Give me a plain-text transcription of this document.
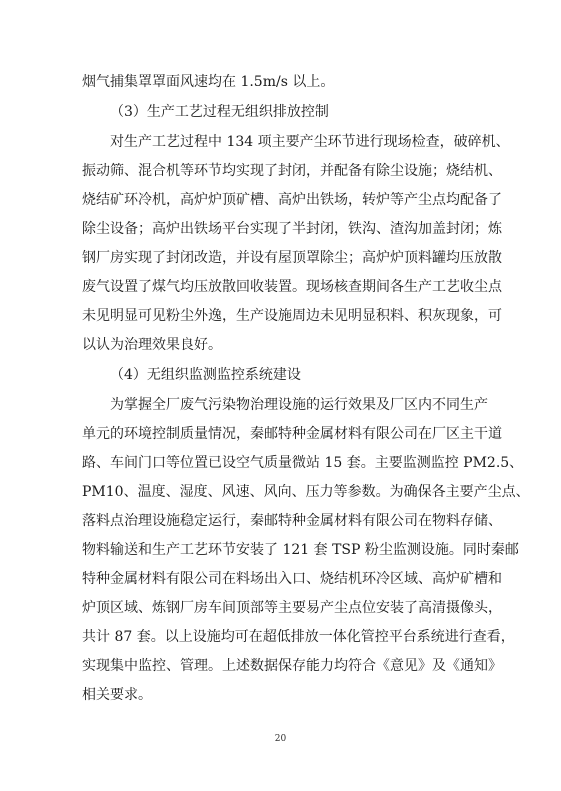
烟气捕集罩罩面风速均在 1.5m/s 以上。
（3）生产工艺过程无组织排放控制
对生产工艺过程中 134 项主要产尘环节进行现场检查，破碎机、
振动筛、混合机等环节均实现了封闭，并配备有除尘设施；烧结机、
烧结矿环冷机，高炉炉顶矿槽、高炉出铁场，转炉等产尘点均配备了
除尘设备；高炉出铁场平台实现了半封闭，铁沟、渣沟加盖封闭；炼
钢厂房实现了封闭改造，并设有屋顶罩除尘；高炉炉顶料罐均压放散
废气设置了煤气均压放散回收装置。现场核查期间各生产工艺收尘点
未见明显可见粉尘外逸，生产设施周边未见明显积料、积灰现象，可
以认为治理效果良好。
（4）无组织监测监控系统建设
为掌握全厂废气污染物治理设施的运行效果及厂区内不同生产
单元的环境控制质量情况，秦邮特种金属材料有限公司在厂区主干道
路、车间门口等位置已设空气质量微站 15 套。主要监测监控 PM2.5、
PM10、温度、湿度、风速、风向、压力等参数。为确保各主要产尘点、
落料点治理设施稳定运行，秦邮特种金属材料有限公司在物料存储、
物料输送和生产工艺环节安装了 121 套 TSP 粉尘监测设施。同时秦邮
特种金属材料有限公司在料场出入口、烧结机环冷区域、高炉矿槽和
炉顶区域、炼钢厂房车间顶部等主要易产尘点位安装了高清摄像头，
共计 87 套。以上设施均可在超低排放一体化管控平台系统进行查看，
实现集中监控、管理。上述数据保存能力均符合《意见》及《通知》
相关要求。
20
